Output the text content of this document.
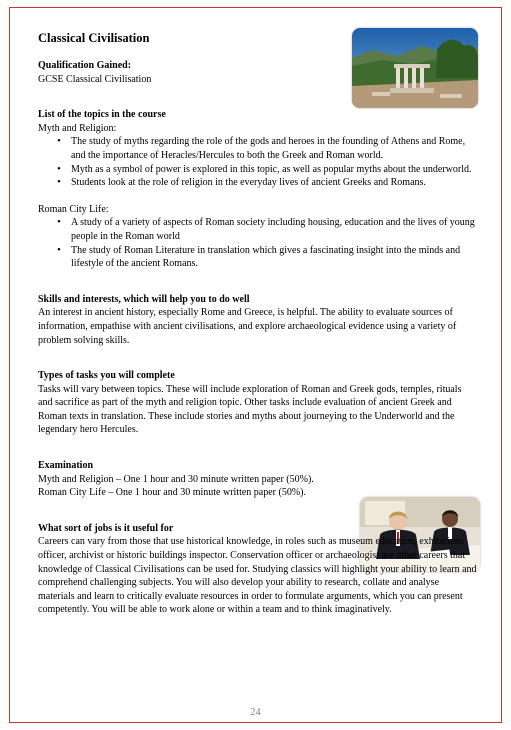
Classical Civilisation

Qualification Gained:

GCSE Classical Civilisation

List of the topics in the course

Myth and Religion:

• The study of myths regarding the role of the gods and heroes in the founding of Athens and Rome, and the importance of Heracles/Hercules to both the Greek and Roman world.
• Myth as a symbol of power is explored in this topic, as well as popular myths about the underworld.
• Students look at the role of religion in the everyday lives of ancient Greeks and Romans.

Roman City Life:

• A study of a variety of aspects of Roman society including housing, education and the lives of young people in the Roman world
• The study of Roman Literature in translation which gives a fascinating insight into the minds and lifestyle of the ancient Romans.

Skills and interests, which will help you to do well

An interest in ancient history, especially Rome and Greece, is helpful. The ability to evaluate sources of information, empathise with ancient civilisations, and explore archaeological evidence using a variety of problem solving skills.

Types of tasks you will complete

Tasks will vary between topics. These will include exploration of Roman and Greek gods, temples, rituals and sacrifice as part of the myth and religion topic. Other tasks include evaluation of ancient Greek and Roman texts in translation. These include stories and myths about journeying to the Underworld and the legendary hero Hercules.

Examination

Myth and Religion – One 1 hour and 30 minute written paper (50%).

Roman City Life – One 1 hour and 30 minute written paper (50%).

What sort of jobs is it useful for

Careers can vary from those that use historical knowledge, in roles such as museum education, exhibitions officer, archivist or historic buildings inspector. Conservation officer or archaeologist are other careers that knowledge of Classical Civilisations can be used for. Studying classics will highlight your ability to learn and comprehend challenging subjects. You will also develop your ability to research, collate and analyse materials and learn to critically evaluate resources in order to formulate arguments, which you can present competently. You will be able to work alone or within a team and to think imaginatively.

24
